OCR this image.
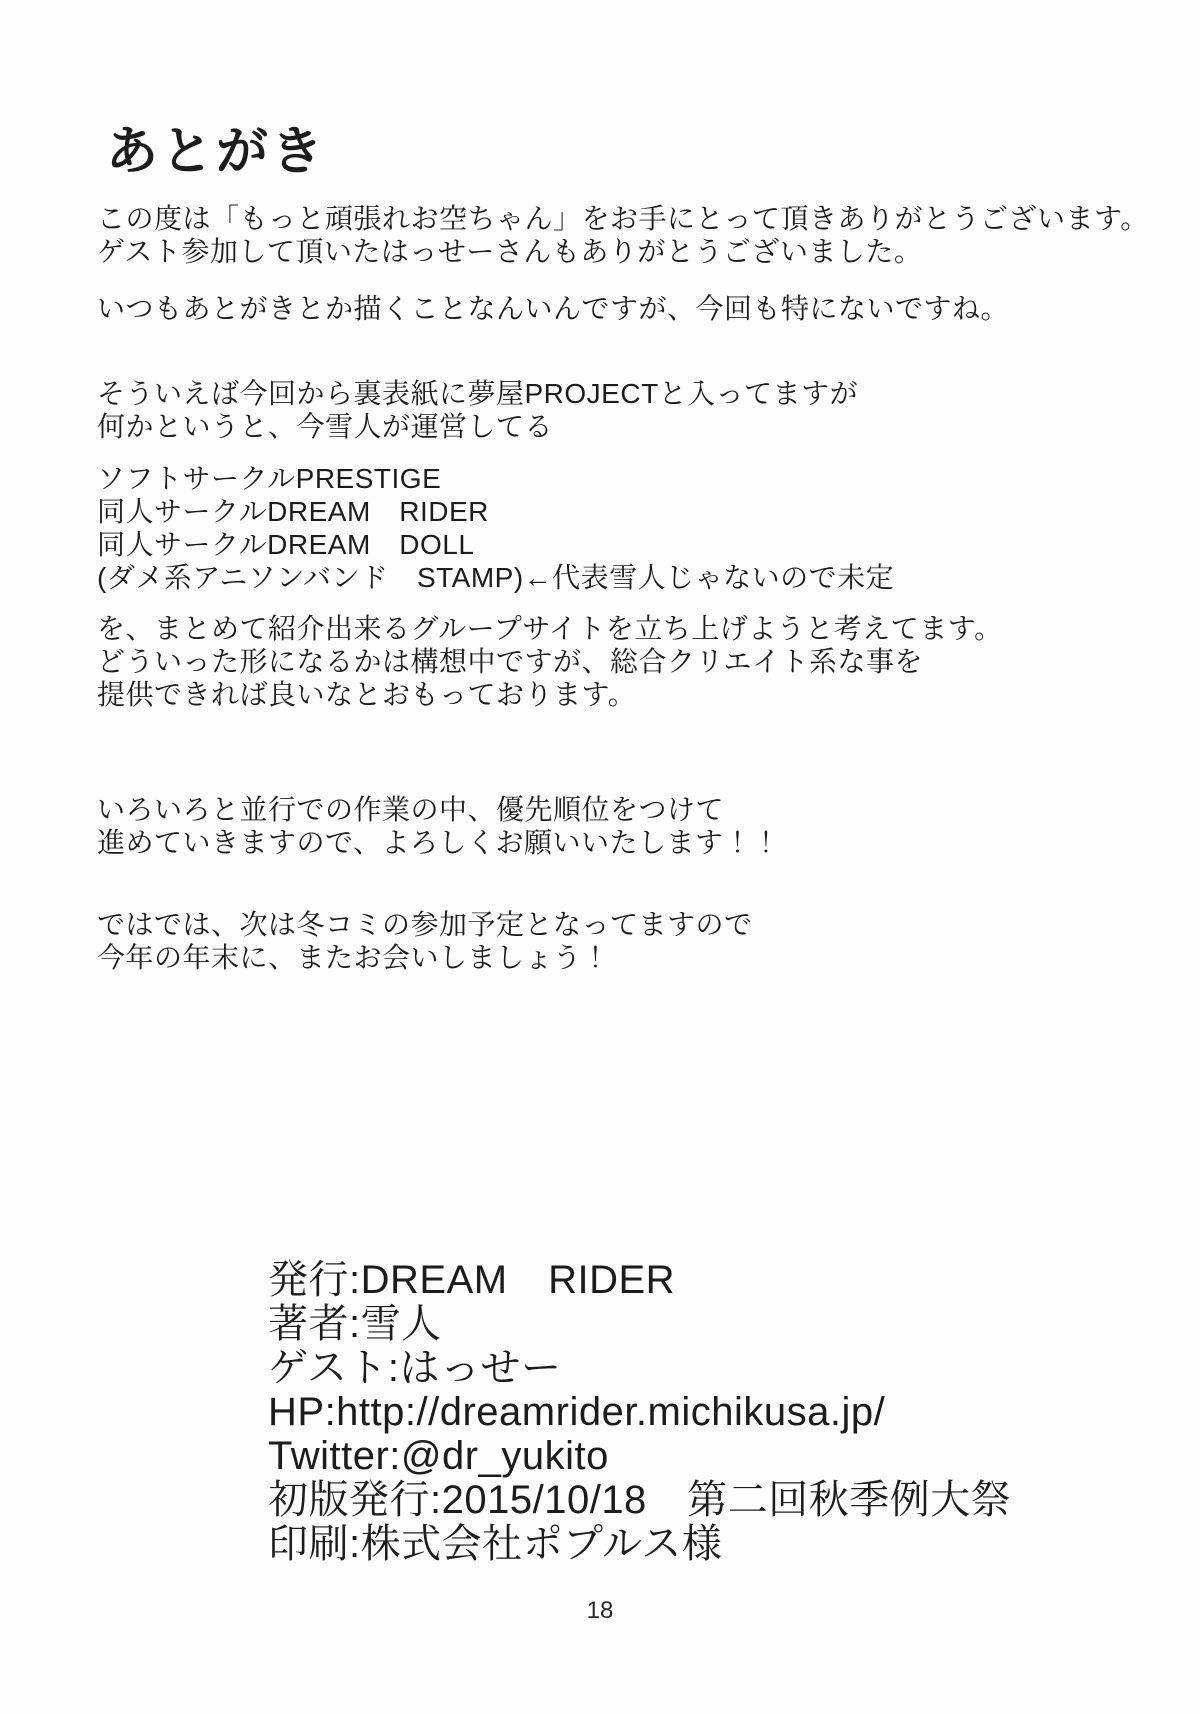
あとがき
この度は「もっと頑張れお空ちゃん」をお手にとって頂きありがとうございます。
ゲスト参加して頂いたはっせーさんもありがとうございました。
いつもあとがきとか描くことなんいんですが、今回も特にないですね。
そういえば今回から裏表紙に夢屋PROJECTと入ってますが
何かというと、今雪人が運営してる
ソフトサークルPRESTIGE
同人サークルDREAM　RIDER
同人サークルDREAM　DOLL
(ダメ系アニソンバンド　STAMP)←代表雪人じゃないので未定
を、まとめて紹介出来るグループサイトを立ち上げようと考えてます。
どういった形になるかは構想中ですが、総合クリエイト系な事を
提供できれば良いなとおもっております。
いろいろと並行での作業の中、優先順位をつけて
進めていきますので、よろしくお願いいたします！！
ではでは、次は冬コミの参加予定となってますので
今年の年末に、またお会いしましょう！
発行:DREAM　RIDER
著者:雪人
ゲスト:はっせー
HP:http://dreamrider.michikusa.jp/
Twitter:@dr_yukito
初版発行:2015/10/18　第二回秋季例大祭
印刷:株式会社ポプルス様
18
